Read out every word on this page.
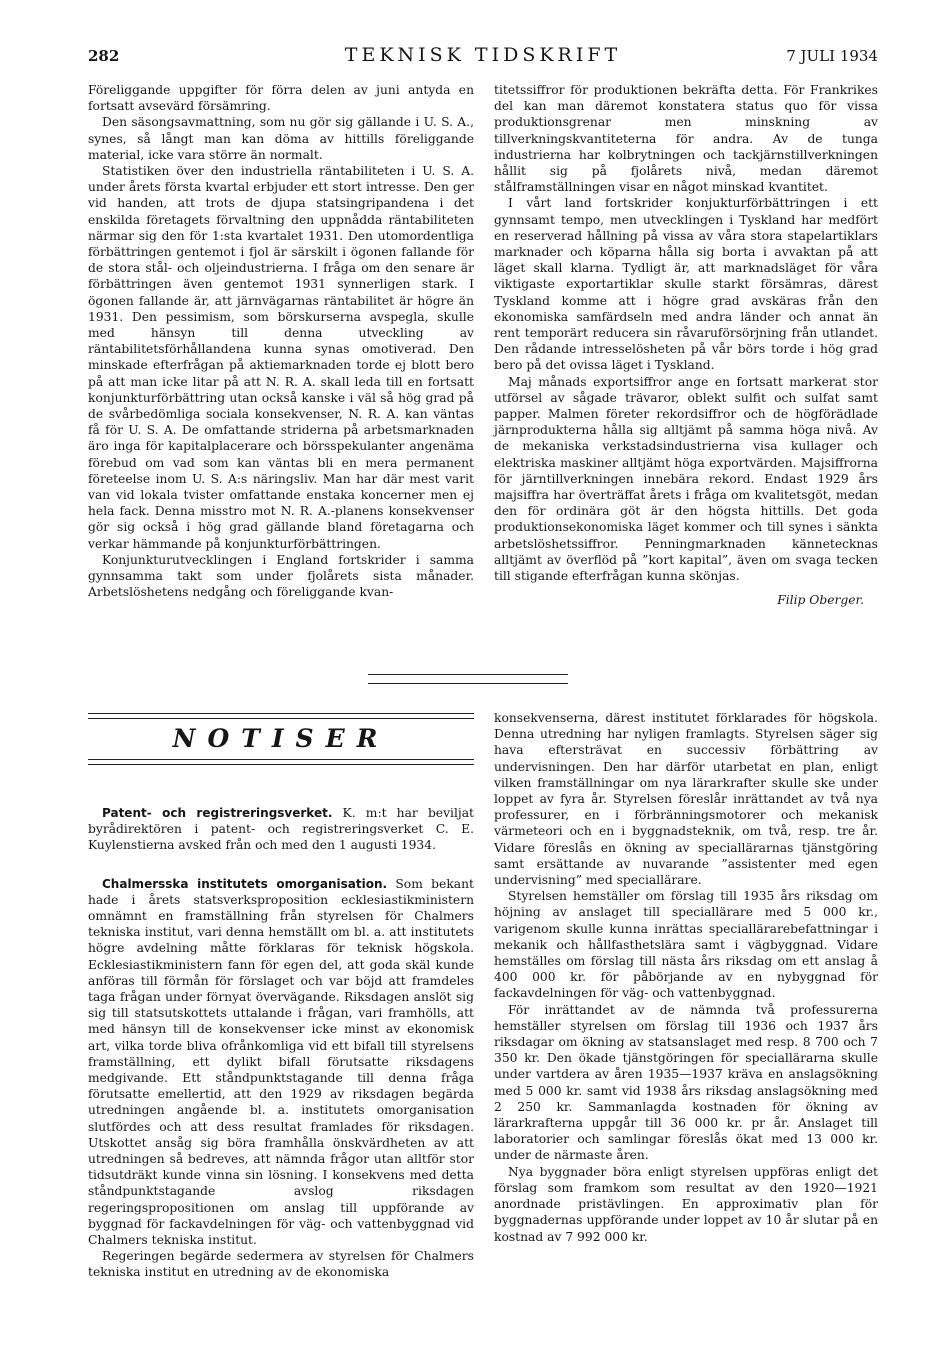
282	TEKNISK TIDSKRIFT	7 JULI 1934

Föreliggande uppgifter för förra delen av juni antyda en fortsatt avsevärd försämring.

Den säsongsavmattning, som nu gör sig gällande i U. S. A., synes, så långt man kan döma av hittills föreliggande material, icke vara större än normalt.

Statistiken över den industriella räntabiliteten i U. S. A. under årets första kvartal erbjuder ett stort intresse. Den ger vid handen, att trots de djupa statsingripandena i det enskilda företagets förvaltning den uppnådda räntabiliteten närmar sig den för 1:sta kvartalet 1931. Den utomordentliga förbättringen gentemot i fjol är särskilt i ögonen fallande för de stora stål- och oljeindustrierna. I fråga om den senare är förbättringen även gentemot 1931 synnerligen stark. I ögonen fallande är, att järnvägarnas räntabilitet är högre än 1931. Den pessimism, som börskurserna avspegla, skulle med hänsyn till denna utveckling av räntabilitetsförhållandena kunna synas omotiverad. Den minskade efterfrågan på aktiemarknaden torde ej blott bero på att man icke litar på att N. R. A. skall leda till en fortsatt konjunkturförbättring utan också kanske i väl så hög grad på de svårbedömliga sociala konsekvenser, N. R. A. kan väntas få för U. S. A. De omfattande striderna på arbetsmarknaden äro inga för kapitalplacerare och börsspekulanter angenäma förebud om vad som kan väntas bli en mera permanent företeelse inom U. S. A:s näringsliv. Man har där mest varit van vid lokala tvister omfattande enstaka koncerner men ej hela fack. Denna misstro mot N. R. A.-planens konsekvenser gör sig också i hög grad gällande bland företagarna och verkar hämmande på konjunkturförbättringen.

Konjunkturutvecklingen i England fortskrider i samma gynnsamma takt som under fjolårets sista månader. Arbetslöshetens nedgång och föreliggande kvan-

titetssiffror för produktionen bekräfta detta. För Frankrikes del kan man däremot konstatera status quo för vissa produktionsgrenar men minskning av tillverkningskvantiteterna för andra. Av de tunga industrierna har kolbrytningen och tackjärnstillverkningen hållit sig på fjolårets nivå, medan däremot stålframställningen visar en något minskad kvantitet.

I vårt land fortskrider konjukturförbättringen i ett gynnsamt tempo, men utvecklingen i Tyskland har medfört en reserverad hållning på vissa av våra stora stapelartiklars marknader och köparna hålla sig borta i avvaktan på att läget skall klarna. Tydligt är, att marknadsläget för våra viktigaste exportartiklar skulle starkt försämras, därest Tyskland komme att i högre grad avskäras från den ekonomiska samfärdseln med andra länder och annat än rent temporärt reducera sin råvaruförsörjning från utlandet. Den rådande intresselösheten på vår börs torde i hög grad bero på det ovissa läget i Tyskland.

Maj månads exportsiffror ange en fortsatt markerat stor utförsel av sågade trävaror, oblekt sulfit och sulfat samt papper. Malmen företer rekordsiffror och de högförädlade järnprodukterna hålla sig alltjämt på samma höga nivå. Av de mekaniska verkstadsindustrierna visa kullager och elektriska maskiner alltjämt höga exportvärden. Majsiffrorna för järntillverkningen innebära rekord. Endast 1929 års majsiffra har överträffat årets i fråga om kvalitetsgöt, medan den för ordinära göt är den högsta hittills. Det goda produktionsekonomiska läget kommer och till synes i sänkta arbetslöshetssiffror. Penningmarknaden kännetecknas alltjämt av överflöd på ”kort kapital”, även om svaga tecken till stigande efterfrågan kunna skönjas.

Filip Oberger.
NOTISER

Patent- och registreringsverket. K. m:t har beviljat byrådirektören i patent- och registreringsverket C. E. Kuylenstierna avsked från och med den 1 augusti 1934.

Chalmersska institutets omorganisation. Som bekant hade i årets statsverksproposition ecklesiastikministern omnämnt en framställning från styrelsen för Chalmers tekniska institut, vari denna hemställt om bl. a. att institutets högre avdelning måtte förklaras för teknisk högskola. Ecklesiastikministern fann för egen del, att goda skäl kunde anföras till förmån för förslaget och var böjd att framdeles taga frågan under förnyat övervägande. Riksdagen anslöt sig sig till statsutskottets uttalande i frågan, vari framhölls, att med hänsyn till de konsekvenser icke minst av ekonomisk art, vilka torde bliva ofrånkomliga vid ett bifall till styrelsens framställning, ett dylikt bifall förutsatte riksdagens medgivande. Ett ståndpunktstagande till denna fråga förutsatte emellertid, att den 1929 av riksdagen begärda utredningen angående bl. a. institutets omorganisation slutfördes och att dess resultat framlades för riksdagen. Utskottet ansåg sig böra framhålla önskvärdheten av att utredningen så bedreves, att nämnda frågor utan alltför stor tidsutdräkt kunde vinna sin lösning. I konsekvens med detta ståndpunktstagande avslog riksdagen regeringspropositionen om anslag till uppförande av byggnad för fackavdelningen för väg- och vattenbyggnad vid Chalmers tekniska institut.

Regeringen begärde sedermera av styrelsen för Chalmers tekniska institut en utredning av de ekonomiska

konsekvenserna, därest institutet förklarades för högskola. Denna utredning har nyligen framlagts. Styrelsen säger sig hava eftersträvat en successiv förbättring av undervisningen. Den har därför utarbetat en plan, enligt vilken framställningar om nya lärarkrafter skulle ske under loppet av fyra år. Styrelsen föreslår inrättandet av två nya professurer, en i förbränningsmotorer och mekanisk värmeteori och en i byggnadsteknik, om två, resp. tre år. Vidare föreslås en ökning av speciallärarnas tjänstgöring samt ersättande av nuvarande ”assistenter med egen undervisning” med speciallärare.

Styrelsen hemställer om förslag till 1935 års riksdag om höjning av anslaget till speciallärare med 5 000 kr., varigenom skulle kunna inrättas speciallärarebefattningar i mekanik och hållfasthetslära samt i vägbyggnad. Vidare hemställes om förslag till nästa års riksdag om ett anslag å 400 000 kr. för påbörjande av en nybyggnad för fackavdelningen för väg- och vattenbyggnad.

För inrättandet av de nämnda två professurerna hemställer styrelsen om förslag till 1936 och 1937 års riksdagar om ökning av statsanslaget med resp. 8 700 och 7 350 kr. Den ökade tjänstgöringen för speciallärarna skulle under vartdera av åren 1935—1937 kräva en anslagsökning med 5 000 kr. samt vid 1938 års riksdag anslagsökning med 2 250 kr. Sammanlagda kostnaden för ökning av lärarkrafterna uppgår till 36 000 kr. pr år. Anslaget till laboratorier och samlingar föreslås ökat med 13 000 kr. under de närmaste åren.

Nya byggnader böra enligt styrelsen uppföras enligt det förslag som framkom som resultat av den 1920—1921 anordnade pristävlingen. En approximativ plan för byggnadernas uppförande under loppet av 10 år slutar på en kostnad av 7 992 000 kr.
